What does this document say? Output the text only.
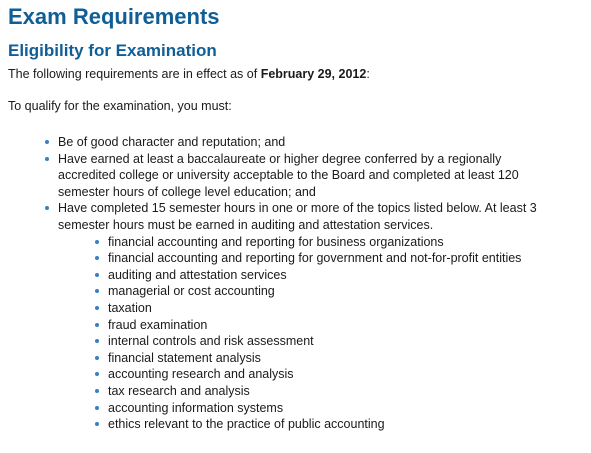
Exam Requirements
Eligibility for Examination

The following requirements are in effect as of February 29, 2012:

To qualify for the examination, you must:

Be of good character and reputation; and
Have earned at least a baccalaureate or higher degree conferred by a regionally accredited college or university acceptable to the Board and completed at least 120 semester hours of college level education; and
Have completed 15 semester hours in one or more of the topics listed below. At least 3 semester hours must be earned in auditing and attestation services.
financial accounting and reporting for business organizations
financial accounting and reporting for government and not-for-profit entities
auditing and attestation services
managerial or cost accounting
taxation
fraud examination
internal controls and risk assessment
financial statement analysis
accounting research and analysis
tax research and analysis
accounting information systems
ethics relevant to the practice of public accounting
